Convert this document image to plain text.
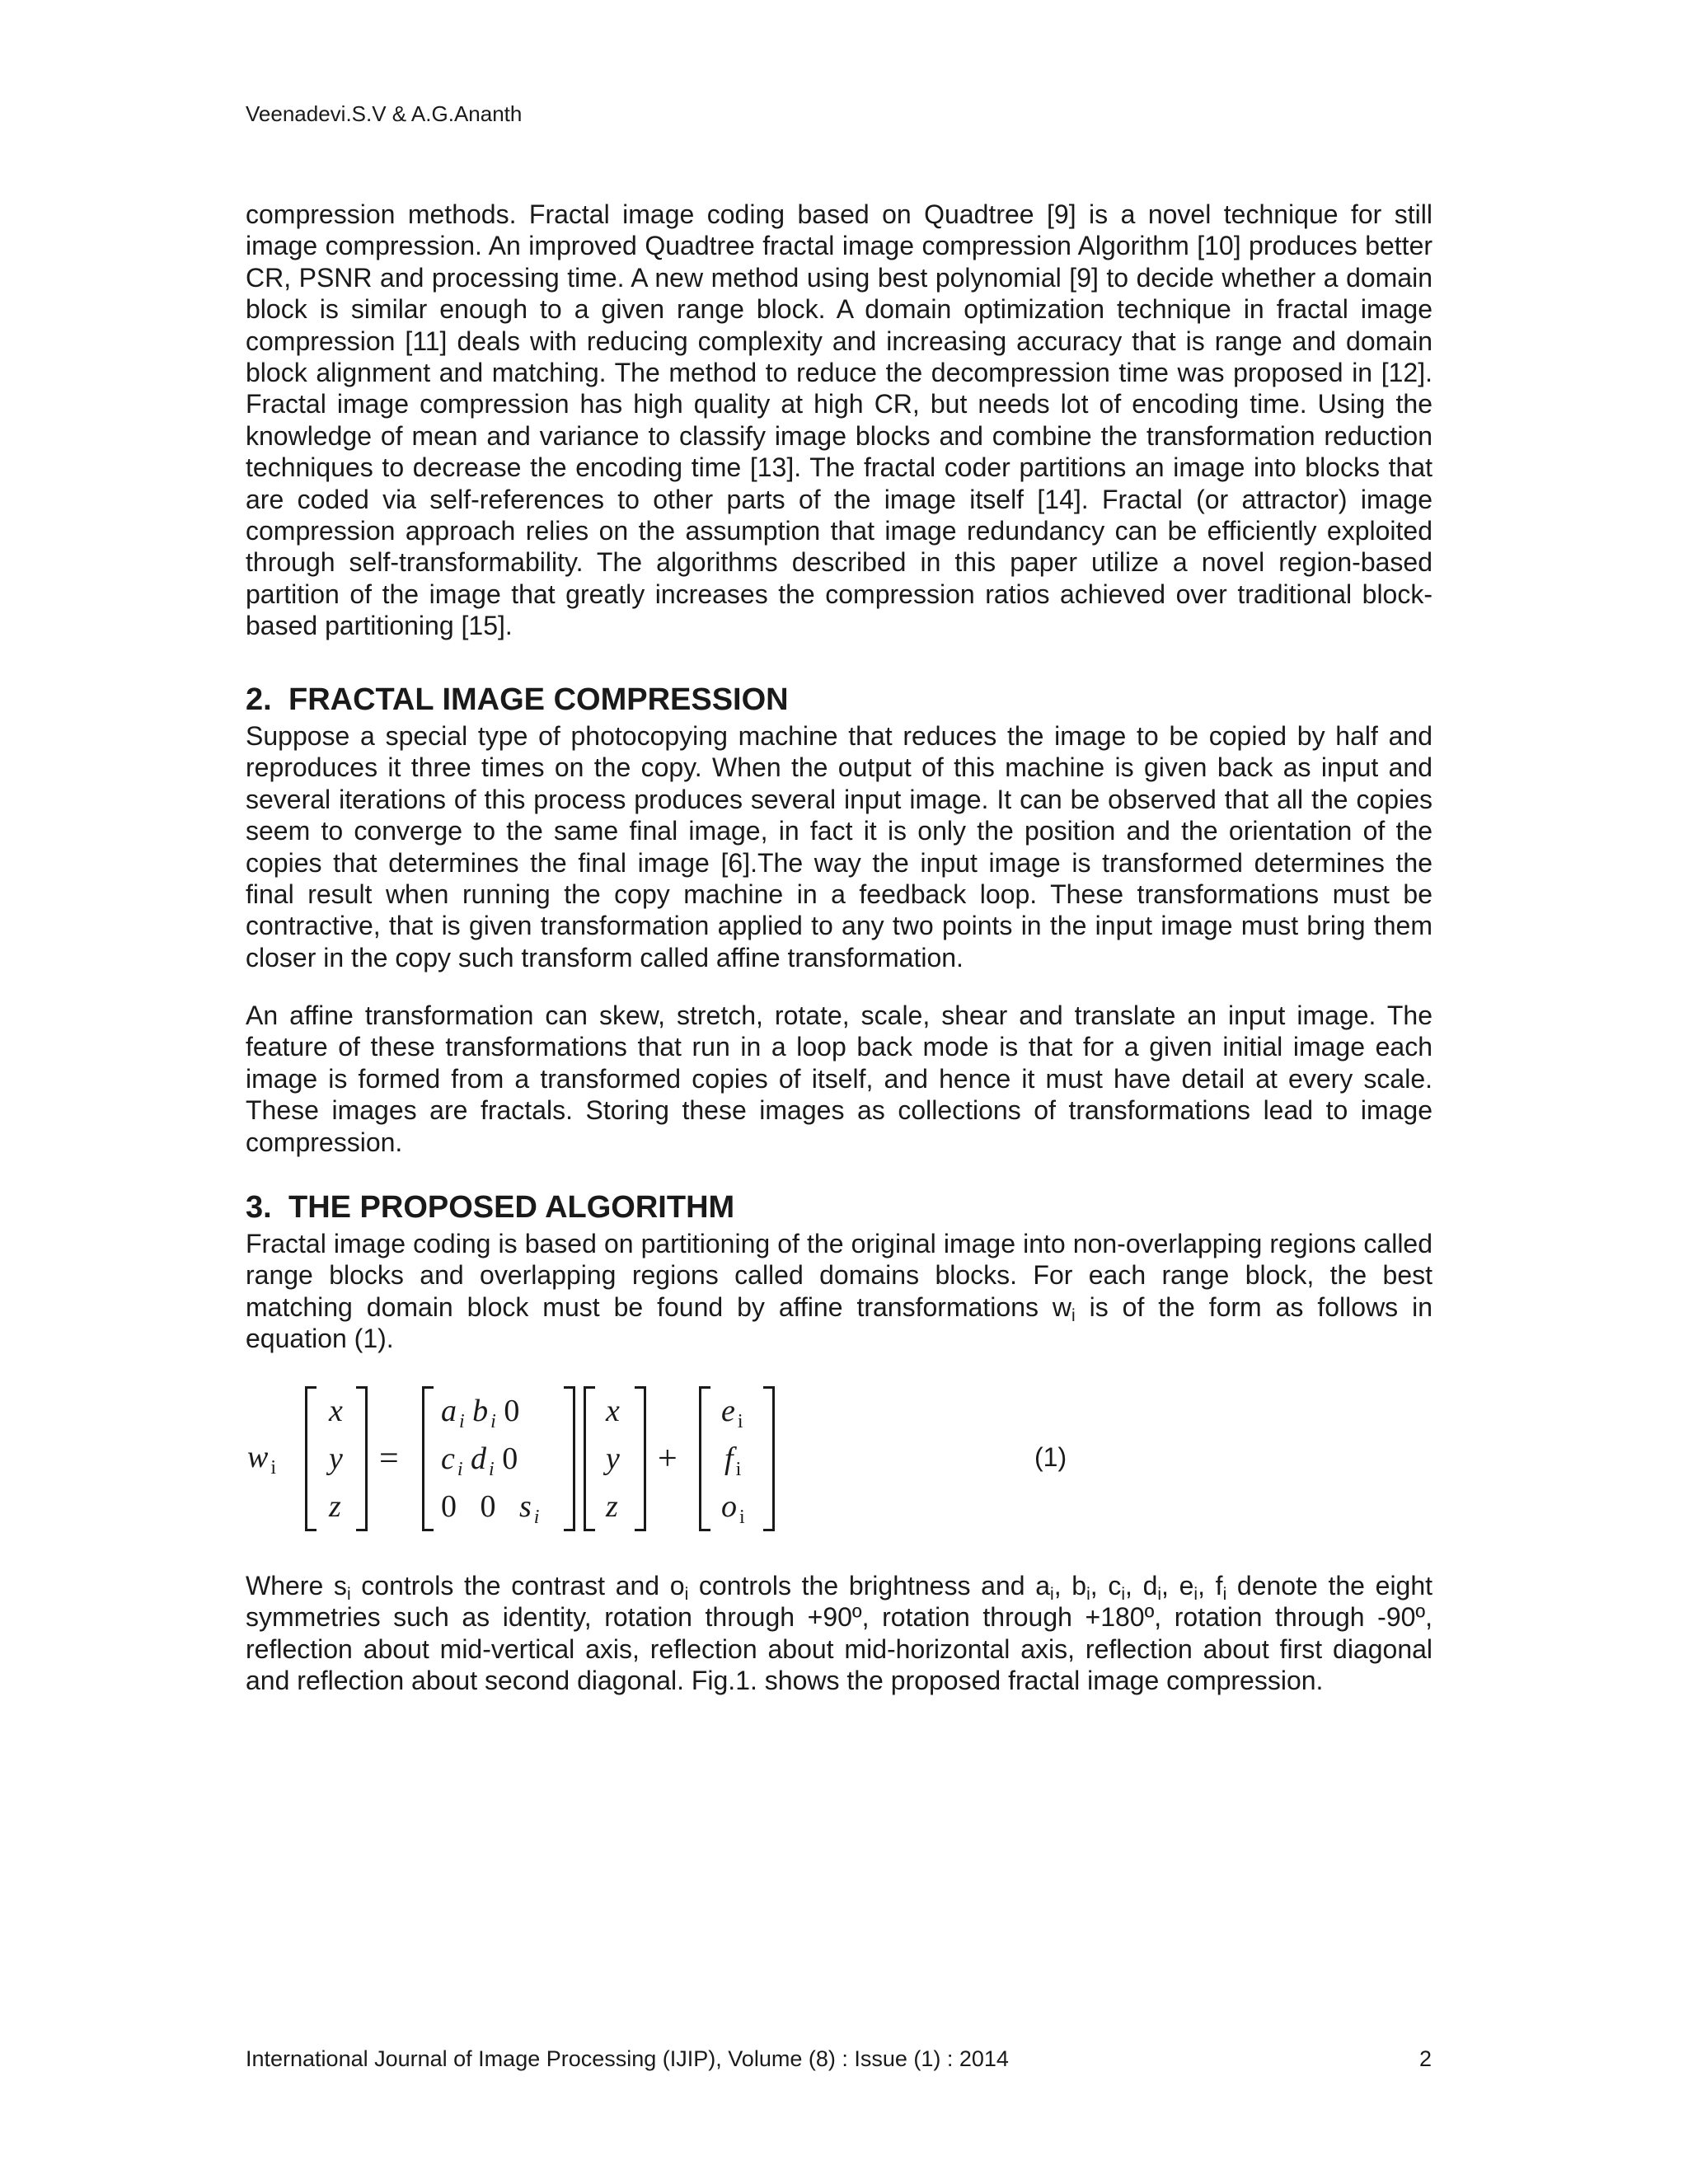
Veenadevi.S.V & A.G.Ananth

compression methods. Fractal image coding based on Quadtree [9] is a novel technique for still image compression. An improved Quadtree fractal image compression Algorithm [10] produces better CR, PSNR and processing time. A new method using best polynomial [9] to decide whether a domain block is similar enough to a given range block. A domain optimization technique in fractal image compression [11] deals with reducing complexity and increasing accuracy that is range and domain block alignment and matching. The method to reduce the decompression time was proposed in [12]. Fractal image compression has high quality at high CR, but needs lot of encoding time. Using the knowledge of mean and variance to classify image blocks and combine the transformation reduction techniques to decrease the encoding time [13]. The fractal coder partitions an image into blocks that are coded via self-references to other parts of the image itself [14]. Fractal (or attractor) image compression approach relies on the assumption that image redundancy can be efficiently exploited through self-transformability. The algorithms described in this paper utilize a novel region-based partition of the image that greatly increases the compression ratios achieved over traditional block-based partitioning [15].

2. FRACTAL IMAGE COMPRESSION

Suppose a special type of photocopying machine that reduces the image to be copied by half and reproduces it three times on the copy. When the output of this machine is given back as input and several iterations of this process produces several input image. It can be observed that all the copies seem to converge to the same final image, in fact it is only the position and the orientation of the copies that determines the final image [6].The way the input image is transformed determines the final result when running the copy machine in a feedback loop. These transformations must be contractive, that is given transformation applied to any two points in the input image must bring them closer in the copy such transform called affine transformation.

An affine transformation can skew, stretch, rotate, scale, shear and translate an input image. The feature of these transformations that run in a loop back mode is that for a given initial image each image is formed from a transformed copies of itself, and hence it must have detail at every scale. These images are fractals. Storing these images as collections of transformations lead to image compression.

3. THE PROPOSED ALGORITHM

Fractal image coding is based on partitioning of the original image into non-overlapping regions called range blocks and overlapping regions called domains blocks. For each range block, the best matching domain block must be found by affine transformations wi is of the form as follows in equation (1).

w $_i$
x
y
z
=
a $_i$ b $_i$ 0
c $_i$ d $_i$ 0
0 0 s $_i$
x
y
z
+
e $_i$
f $_i$
o $_i$
(1)

Where si controls the contrast and oi controls the brightness and ai, bi, ci, di, ei, fi denote the eight symmetries such as identity, rotation through +90º, rotation through +180º, rotation through -90º, reflection about mid-vertical axis, reflection about mid-horizontal axis, reflection about first diagonal and reflection about second diagonal. Fig.1. shows the proposed fractal image compression.

International Journal of Image Processing (IJIP), Volume (8) : Issue (1) : 2014	2
